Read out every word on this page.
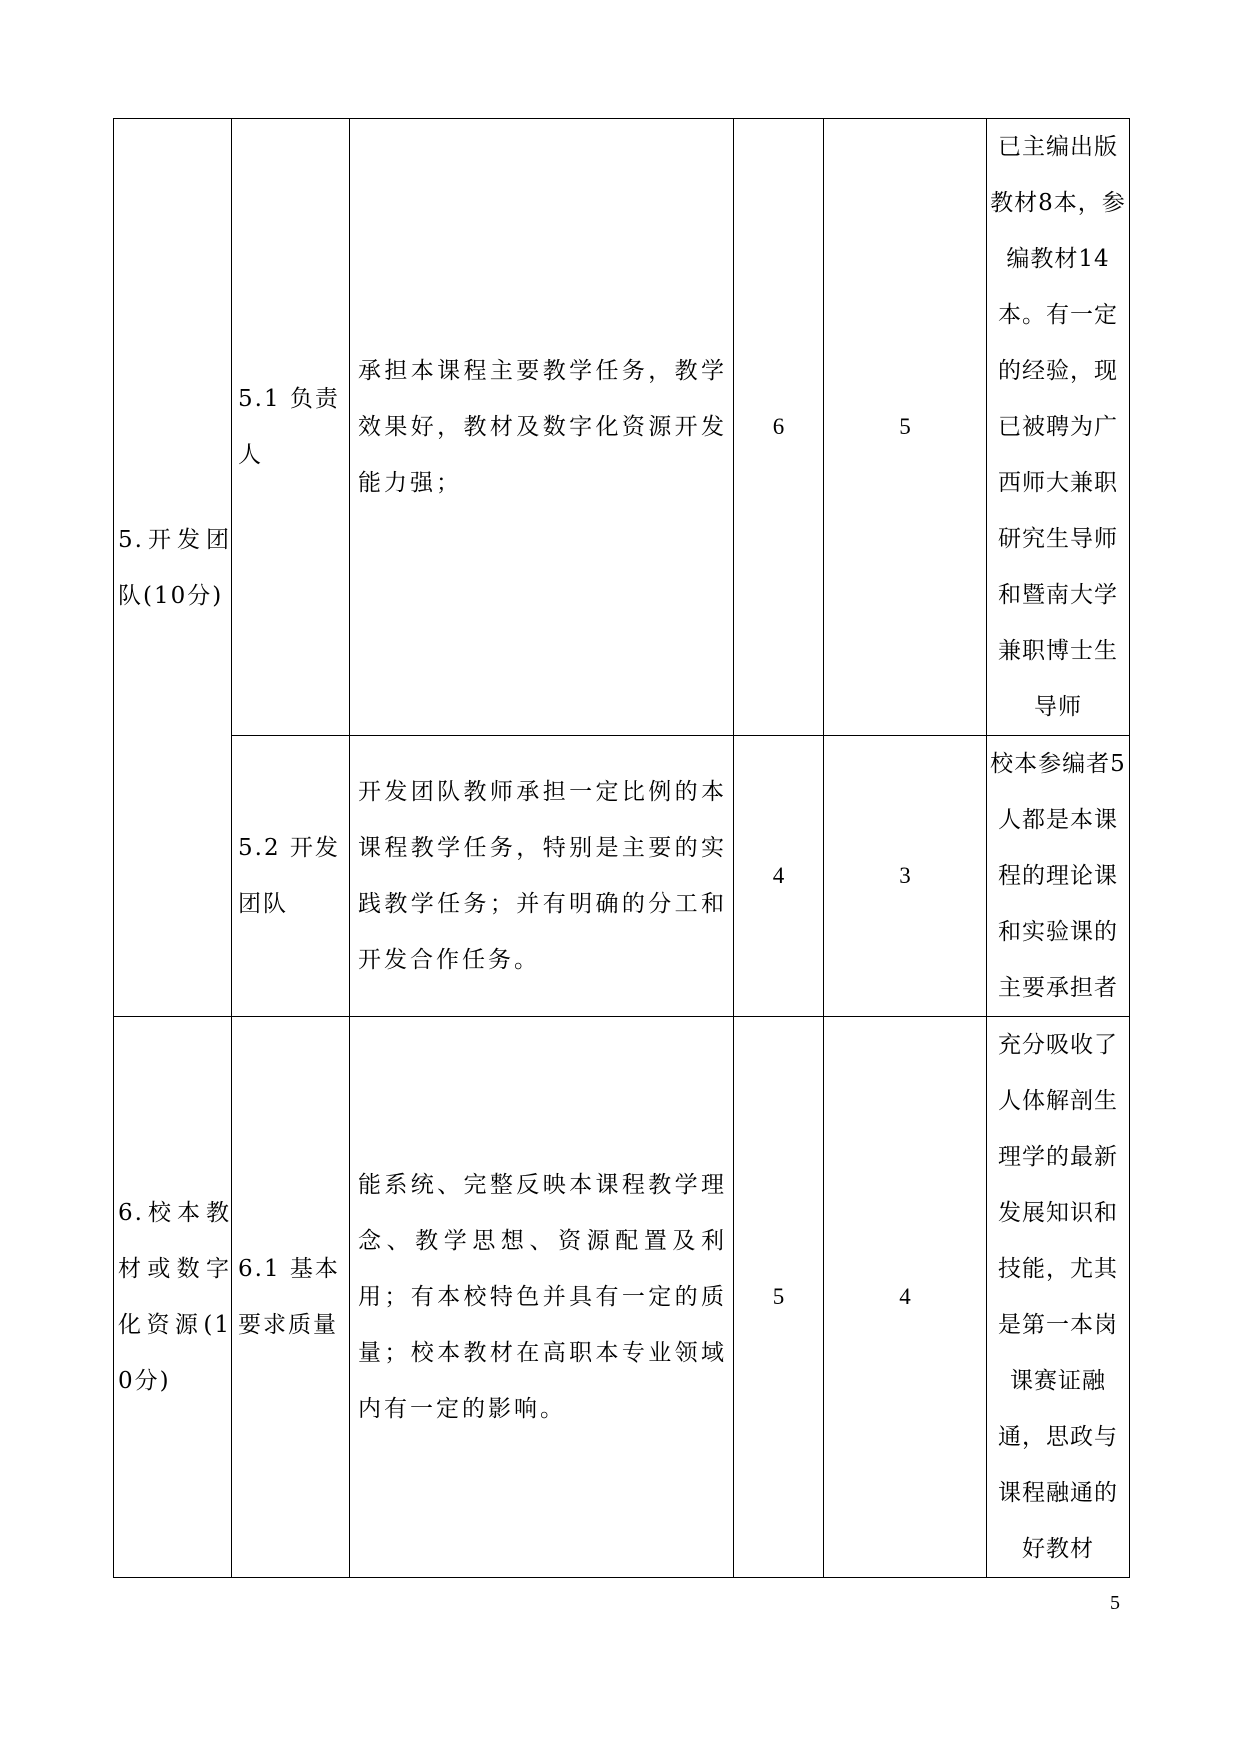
5.开发团队(10分)	5.1 负责人	承担本课程主要教学任务，教学效果好，教材及数字化资源开发能力强；	6	5	已主编出版教材8本，参编教材14本。有一定的经验，现已被聘为广西师大兼职研究生导师和暨南大学兼职博士生导师
	5.2 开发团队	开发团队教师承担一定比例的本课程教学任务，特别是主要的实践教学任务；并有明确的分工和开发合作任务。	4	3	校本参编者5人都是本课程的理论课和实验课的主要承担者
6.校本教材或数字化资源(10分)	6.1 基本要求质量	能系统、完整反映本课程教学理念、教学思想、资源配置及利用；有本校特色并具有一定的质量；校本教材在高职本专业领域内有一定的影响。	5	4	充分吸收了人体解剖生理学的最新发展知识和技能，尤其是第一本岗课赛证融通，思政与课程融通的好教材
5
